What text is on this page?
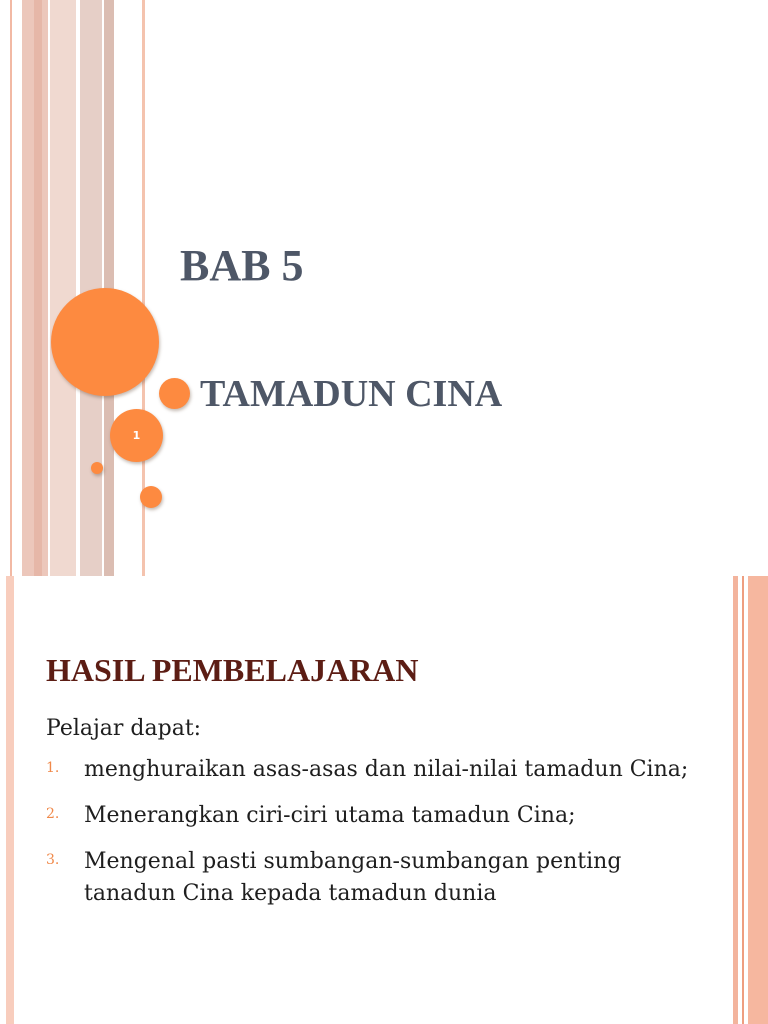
1
BAB 5
TAMADUN CINA
HASIL PEMBELAJARAN

Pelajar dapat:

1.	menghuraikan asas-asas dan nilai-nilai tamadun Cina;
2.	Menerangkan ciri-ciri utama tamadun Cina;
3.	Mengenal pasti sumbangan-sumbangan penting tanadun Cina kepada tamadun dunia
